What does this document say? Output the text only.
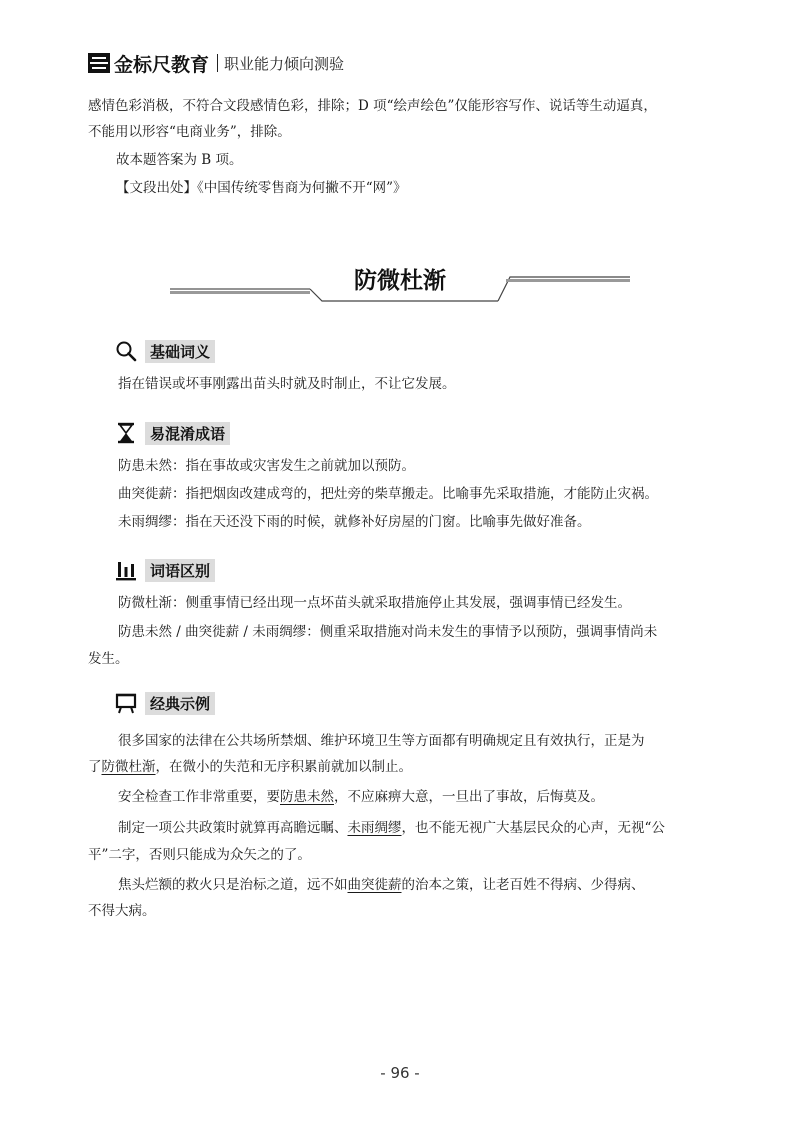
金标尺教育 职业能力倾向测验
感情色彩消极，不符合文段感情色彩，排除；D 项“绘声绘色”仅能形容写作、说话等生动逼真，
不能用以形容“电商业务”，排除。
故本题答案为 B 项。
【文段出处】《中国传统零售商为何撇不开“网”》
防微杜渐
基础词义
指在错误或坏事刚露出苗头时就及时制止，不让它发展。
易混淆成语
防患未然：指在事故或灾害发生之前就加以预防。
曲突徙薪：指把烟囱改建成弯的，把灶旁的柴草搬走。比喻事先采取措施，才能防止灾祸。
未雨绸缪：指在天还没下雨的时候，就修补好房屋的门窗。比喻事先做好准备。
词语区别
防微杜渐：侧重事情已经出现一点坏苗头就采取措施停止其发展，强调事情已经发生。
防患未然 / 曲突徙薪 / 未雨绸缪：侧重采取措施对尚未发生的事情予以预防，强调事情尚未
发生。
经典示例
很多国家的法律在公共场所禁烟、维护环境卫生等方面都有明确规定且有效执行，正是为
了防微杜渐，在微小的失范和无序积累前就加以制止。
安全检查工作非常重要，要防患未然，不应麻痹大意，一旦出了事故，后悔莫及。
制定一项公共政策时就算再高瞻远瞩、未雨绸缪，也不能无视广大基层民众的心声，无视“公
平”二字，否则只能成为众矢之的了。
焦头烂额的救火只是治标之道，远不如曲突徙薪的治本之策，让老百姓不得病、少得病、
不得大病。
- 96 -
